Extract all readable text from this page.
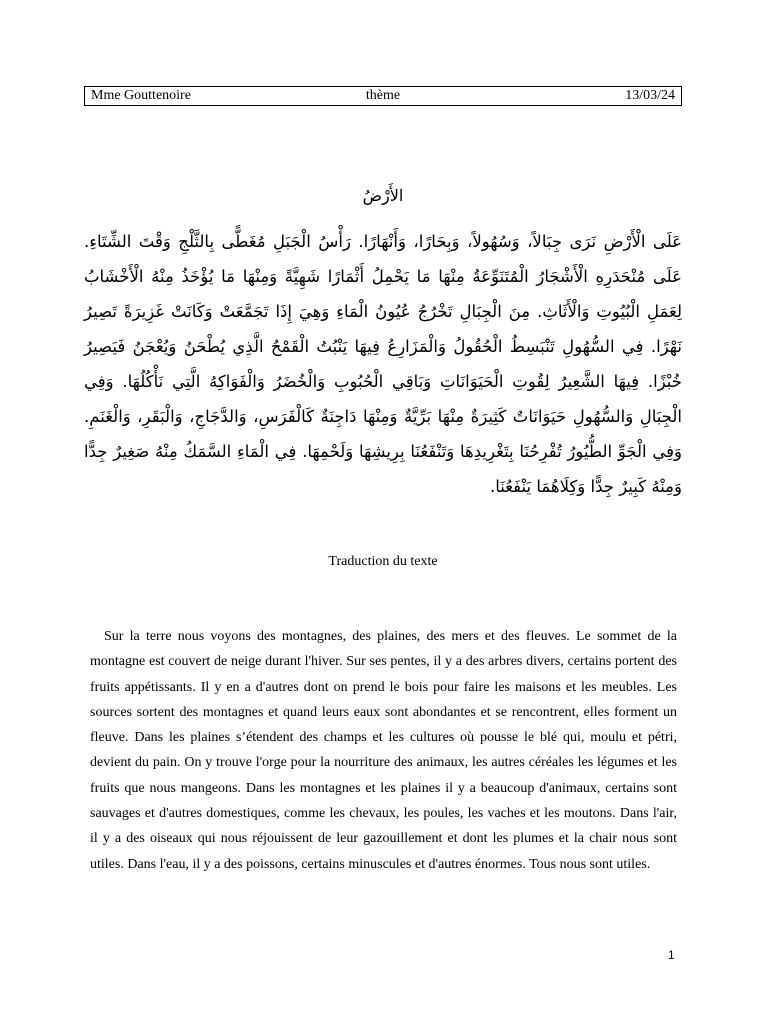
Mme Gouttenoire	thème	13/03/24
الأَرْضُ
عَلَى الْأَرْضِ نَرَى جِبَالاً، وَسُهُولاً، وَبِحَارًا، وَأَنْهَارًا. رَأْسُ الْجَبَلِ مُغَطًّى بِالثَّلْجِ وَقْتَ الشِّتَاءِ. عَلَى مُنْحَدَرِهِ الْأَشْجَارُ الْمُتَنَوِّعَةُ مِنْهَا مَا يَحْمِلُ أَثْمَارًا شَهِيَّةً وَمِنْهَا مَا يُؤْخَذُ مِنْهُ الْأَخْشَابُ لِعَمَلِ الْبُيُوتِ وَالْأَثَاثِ. مِنَ الْجِبَالِ تَخْرُجُ عُيُونُ الْمَاءِ وَهِيَ إِذَا تَجَمَّعَتْ وَكَانَتْ غَزِيرَةً تَصِيرُ نَهْرًا. فِي السُّهُولِ تَنْبَسِطُ الْحُقُولُ وَالْمَزَارِعُ فِيهَا يَنْبُتُ الْقَمْحُ الَّذِي يُطْحَنُ وَيُعْجَنُ فَيَصِيرُ خُبْزًا. فِيهَا الشَّعِيرُ لِقُوتِ الْحَيَوَانَاتِ وَبَاقِي الْحُبُوبِ وَالْخُضَرُ وَالْفَوَاكِهُ الَّتِي نَأْكُلُهَا. وَفِي الْجِبَالِ وَالسُّهُولِ حَيَوَانَاتٌ كَثِيرَةٌ مِنْهَا بَرِّيَّةٌ وَمِنْهَا دَاجِنَةٌ كَالْفَرَسِ، وَالدَّجَاجِ، وَالْبَقَرِ، وَالْغَنَمِ. وَفِي الْجَوِّ الطُّيُورُ تُفْرِحُنَا بِتَغْرِيدِهَا وَتَنْفَعُنَا بِرِيشِهَا وَلَحْمِهَا. فِي الْمَاءِ السَّمَكُ مِنْهُ صَغِيرٌ جِدًّا وَمِنْهُ كَبِيرٌ جِدًّا وَكِلَاهُمَا يَنْفَعُنَا.
Traduction du texte
Sur la terre nous voyons des montagnes, des plaines, des mers et des fleuves. Le sommet de la montagne est couvert de neige durant l'hiver. Sur ses pentes, il y a des arbres divers, certains portent des fruits appétissants. Il y en a d'autres dont on prend le bois pour faire les maisons et les meubles. Les sources sortent des montagnes et quand leurs eaux sont abondantes et se rencontrent, elles forment un fleuve. Dans les plaines s’étendent des champs et les cultures où pousse le blé qui, moulu et pétri, devient du pain. On y trouve l'orge pour la nourriture des animaux, les autres céréales les légumes et les fruits que nous mangeons. Dans les montagnes et les plaines il y a beaucoup d'animaux, certains sont sauvages et d'autres domestiques, comme les chevaux, les poules, les vaches et les moutons. Dans l'air, il y a des oiseaux qui nous réjouissent de leur gazouillement et dont les plumes et la chair nous sont utiles. Dans l'eau, il y a des poissons, certains minuscules et d'autres énormes. Tous nous sont utiles.
1
